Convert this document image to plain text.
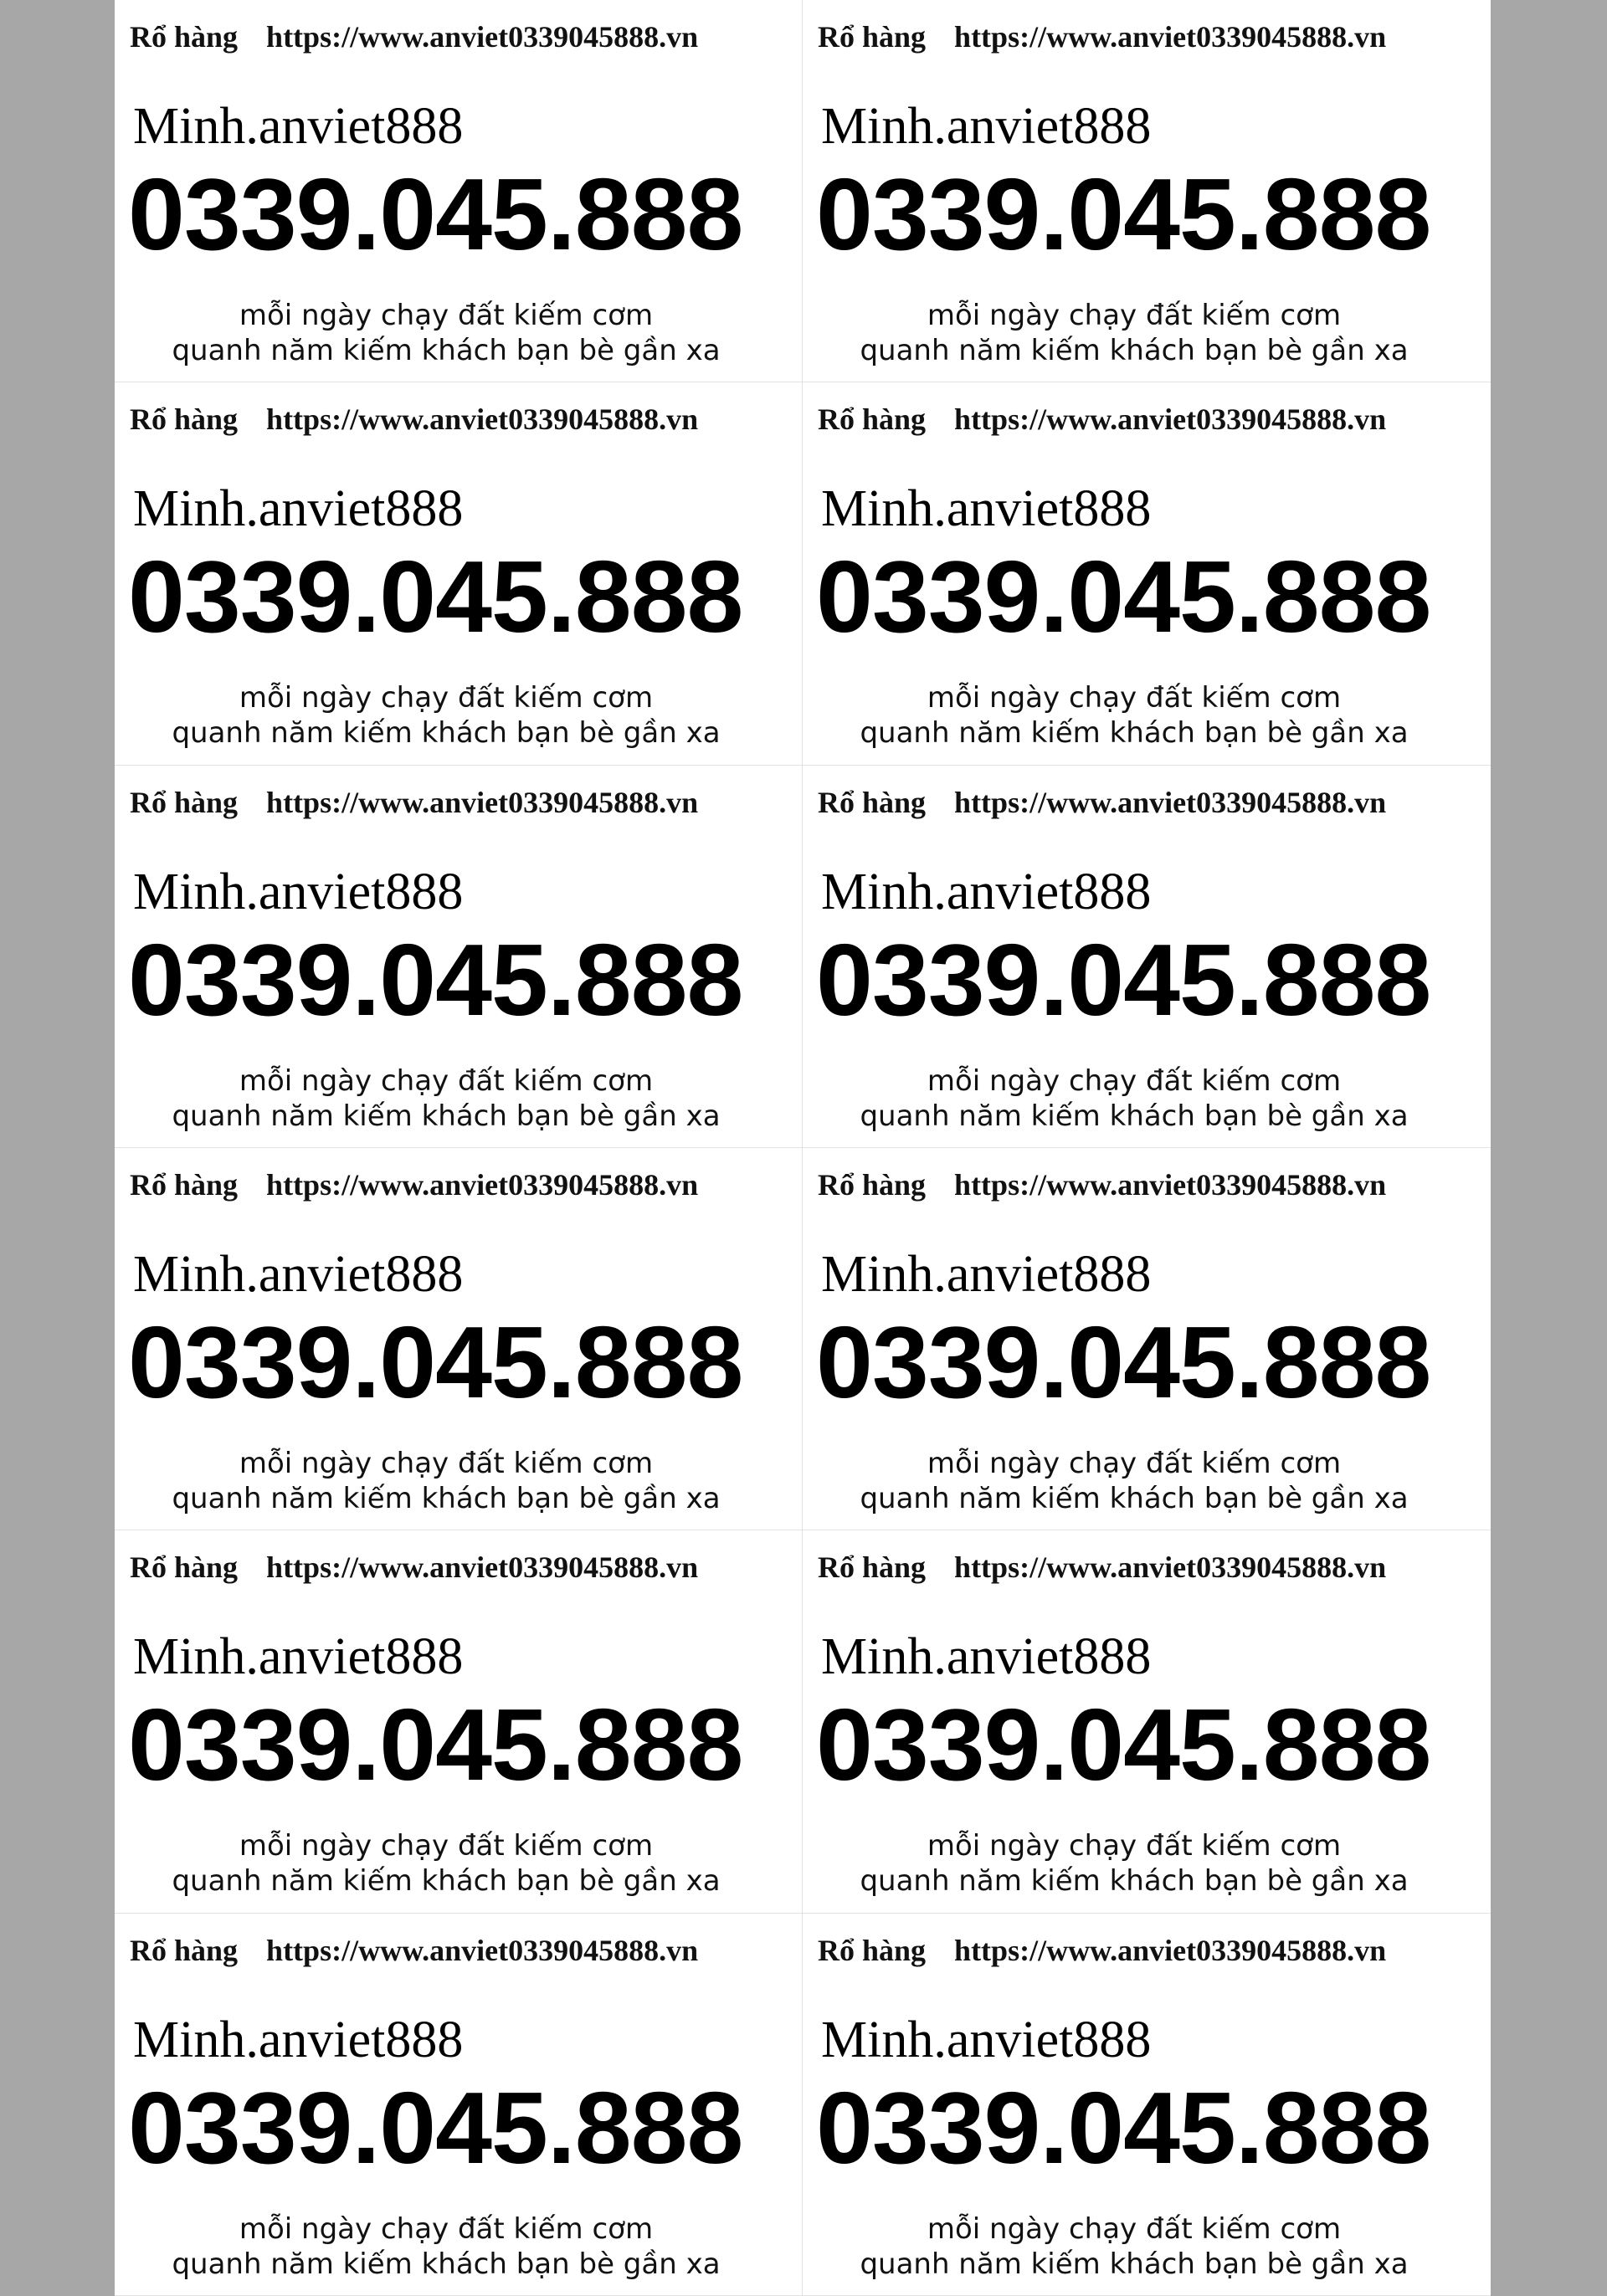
Rổ hàng https://www.anviet0339045888.vn
Minh.anviet888
0339.045.888
mỗi ngày chạy đất kiếm cơm
quanh năm kiếm khách bạn bè gần xa
Rổ hàng https://www.anviet0339045888.vn
Minh.anviet888
0339.045.888
mỗi ngày chạy đất kiếm cơm
quanh năm kiếm khách bạn bè gần xa
Rổ hàng https://www.anviet0339045888.vn
Minh.anviet888
0339.045.888
mỗi ngày chạy đất kiếm cơm
quanh năm kiếm khách bạn bè gần xa
Rổ hàng https://www.anviet0339045888.vn
Minh.anviet888
0339.045.888
mỗi ngày chạy đất kiếm cơm
quanh năm kiếm khách bạn bè gần xa
Rổ hàng https://www.anviet0339045888.vn
Minh.anviet888
0339.045.888
mỗi ngày chạy đất kiếm cơm
quanh năm kiếm khách bạn bè gần xa
Rổ hàng https://www.anviet0339045888.vn
Minh.anviet888
0339.045.888
mỗi ngày chạy đất kiếm cơm
quanh năm kiếm khách bạn bè gần xa
Rổ hàng https://www.anviet0339045888.vn
Minh.anviet888
0339.045.888
mỗi ngày chạy đất kiếm cơm
quanh năm kiếm khách bạn bè gần xa
Rổ hàng https://www.anviet0339045888.vn
Minh.anviet888
0339.045.888
mỗi ngày chạy đất kiếm cơm
quanh năm kiếm khách bạn bè gần xa
Rổ hàng https://www.anviet0339045888.vn
Minh.anviet888
0339.045.888
mỗi ngày chạy đất kiếm cơm
quanh năm kiếm khách bạn bè gần xa
Rổ hàng https://www.anviet0339045888.vn
Minh.anviet888
0339.045.888
mỗi ngày chạy đất kiếm cơm
quanh năm kiếm khách bạn bè gần xa
Rổ hàng https://www.anviet0339045888.vn
Minh.anviet888
0339.045.888
mỗi ngày chạy đất kiếm cơm
quanh năm kiếm khách bạn bè gần xa
Rổ hàng https://www.anviet0339045888.vn
Minh.anviet888
0339.045.888
mỗi ngày chạy đất kiếm cơm
quanh năm kiếm khách bạn bè gần xa
